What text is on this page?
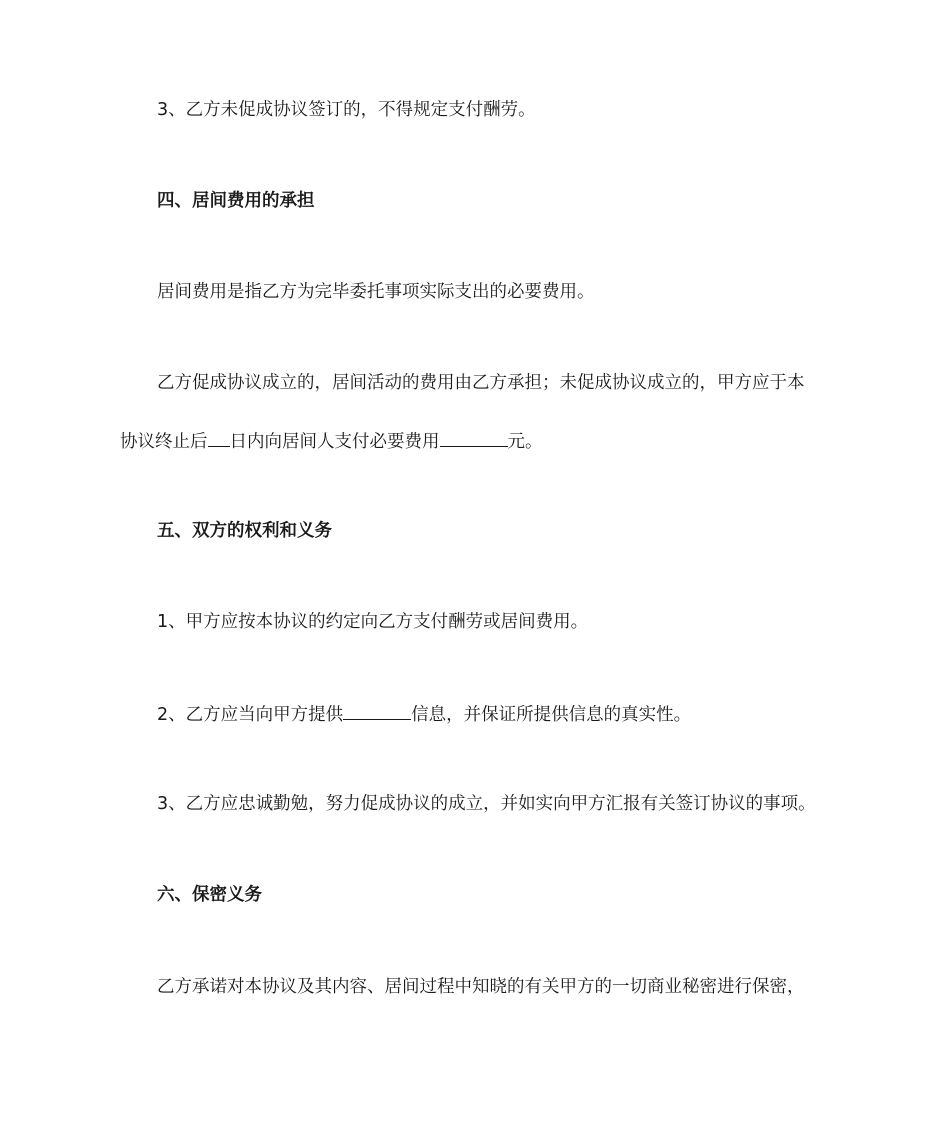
3、乙方未促成协议签订的，不得规定支付酬劳。
四、居间费用的承担
居间费用是指乙方为完毕委托事项实际支出的必要费用。
乙方促成协议成立的，居间活动的费用由乙方承担；未促成协议成立的，甲方应于本
协议终止后 日内向居间人支付必要费用	元。
五、双方的权利和义务
1、甲方应按本协议的约定向乙方支付酬劳或居间费用。
2、乙方应当向甲方提供	信息，并保证所提供信息的真实性。
3、乙方应忠诚勤勉，努力促成协议的成立，并如实向甲方汇报有关签订协议的事项。
六、保密义务
乙方承诺对本协议及其内容、居间过程中知晓的有关甲方的一切商业秘密进行保密，
